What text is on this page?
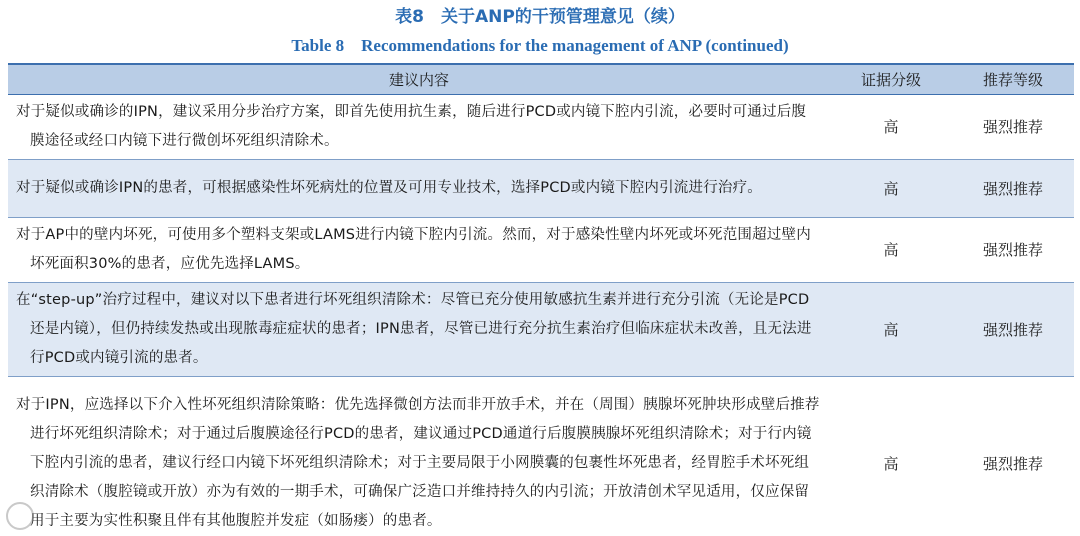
表8　关于ANP的干预管理意见（续）
Table 8　Recommendations for the management of ANP (continued)
建议内容	证据分级	推荐等级
对于疑似或确诊的IPN，建议采用分步治疗方案，即首先使用抗生素，随后进行PCD或内镜下腔内引流，必要时可通过后腹膜途径或经口内镜下进行微创坏死组织清除术。	高	强烈推荐
对于疑似或确诊IPN的患者，可根据感染性坏死病灶的位置及可用专业技术，选择PCD或内镜下腔内引流进行治疗。	高	强烈推荐
对于AP中的壁内坏死，可使用多个塑料支架或LAMS进行内镜下腔内引流。然而，对于感染性壁内坏死或坏死范围超过壁内坏死面积30%的患者，应优先选择LAMS。	高	强烈推荐
在“step-up”治疗过程中，建议对以下患者进行坏死组织清除术：尽管已充分使用敏感抗生素并进行充分引流（无论是PCD还是内镜），但仍持续发热或出现脓毒症症状的患者；IPN患者，尽管已进行充分抗生素治疗但临床症状未改善，且无法进行PCD或内镜引流的患者。	高	强烈推荐
对于IPN，应选择以下介入性坏死组织清除策略：优先选择微创方法而非开放手术，并在（周围）胰腺坏死肿块形成壁后推荐进行坏死组织清除术；对于通过后腹膜途径行PCD的患者，建议通过PCD通道行后腹膜胰腺坏死组织清除术；对于行内镜下腔内引流的患者，建议行经口内镜下坏死组织清除术；对于主要局限于小网膜囊的包裹性坏死患者，经胃腔手术坏死组织清除术（腹腔镜或开放）亦为有效的一期手术，可确保广泛造口并维持持久的内引流；开放清创术罕见适用，仅应保留用于主要为实性积聚且伴有其他腹腔并发症（如肠瘘）的患者。	高	强烈推荐
